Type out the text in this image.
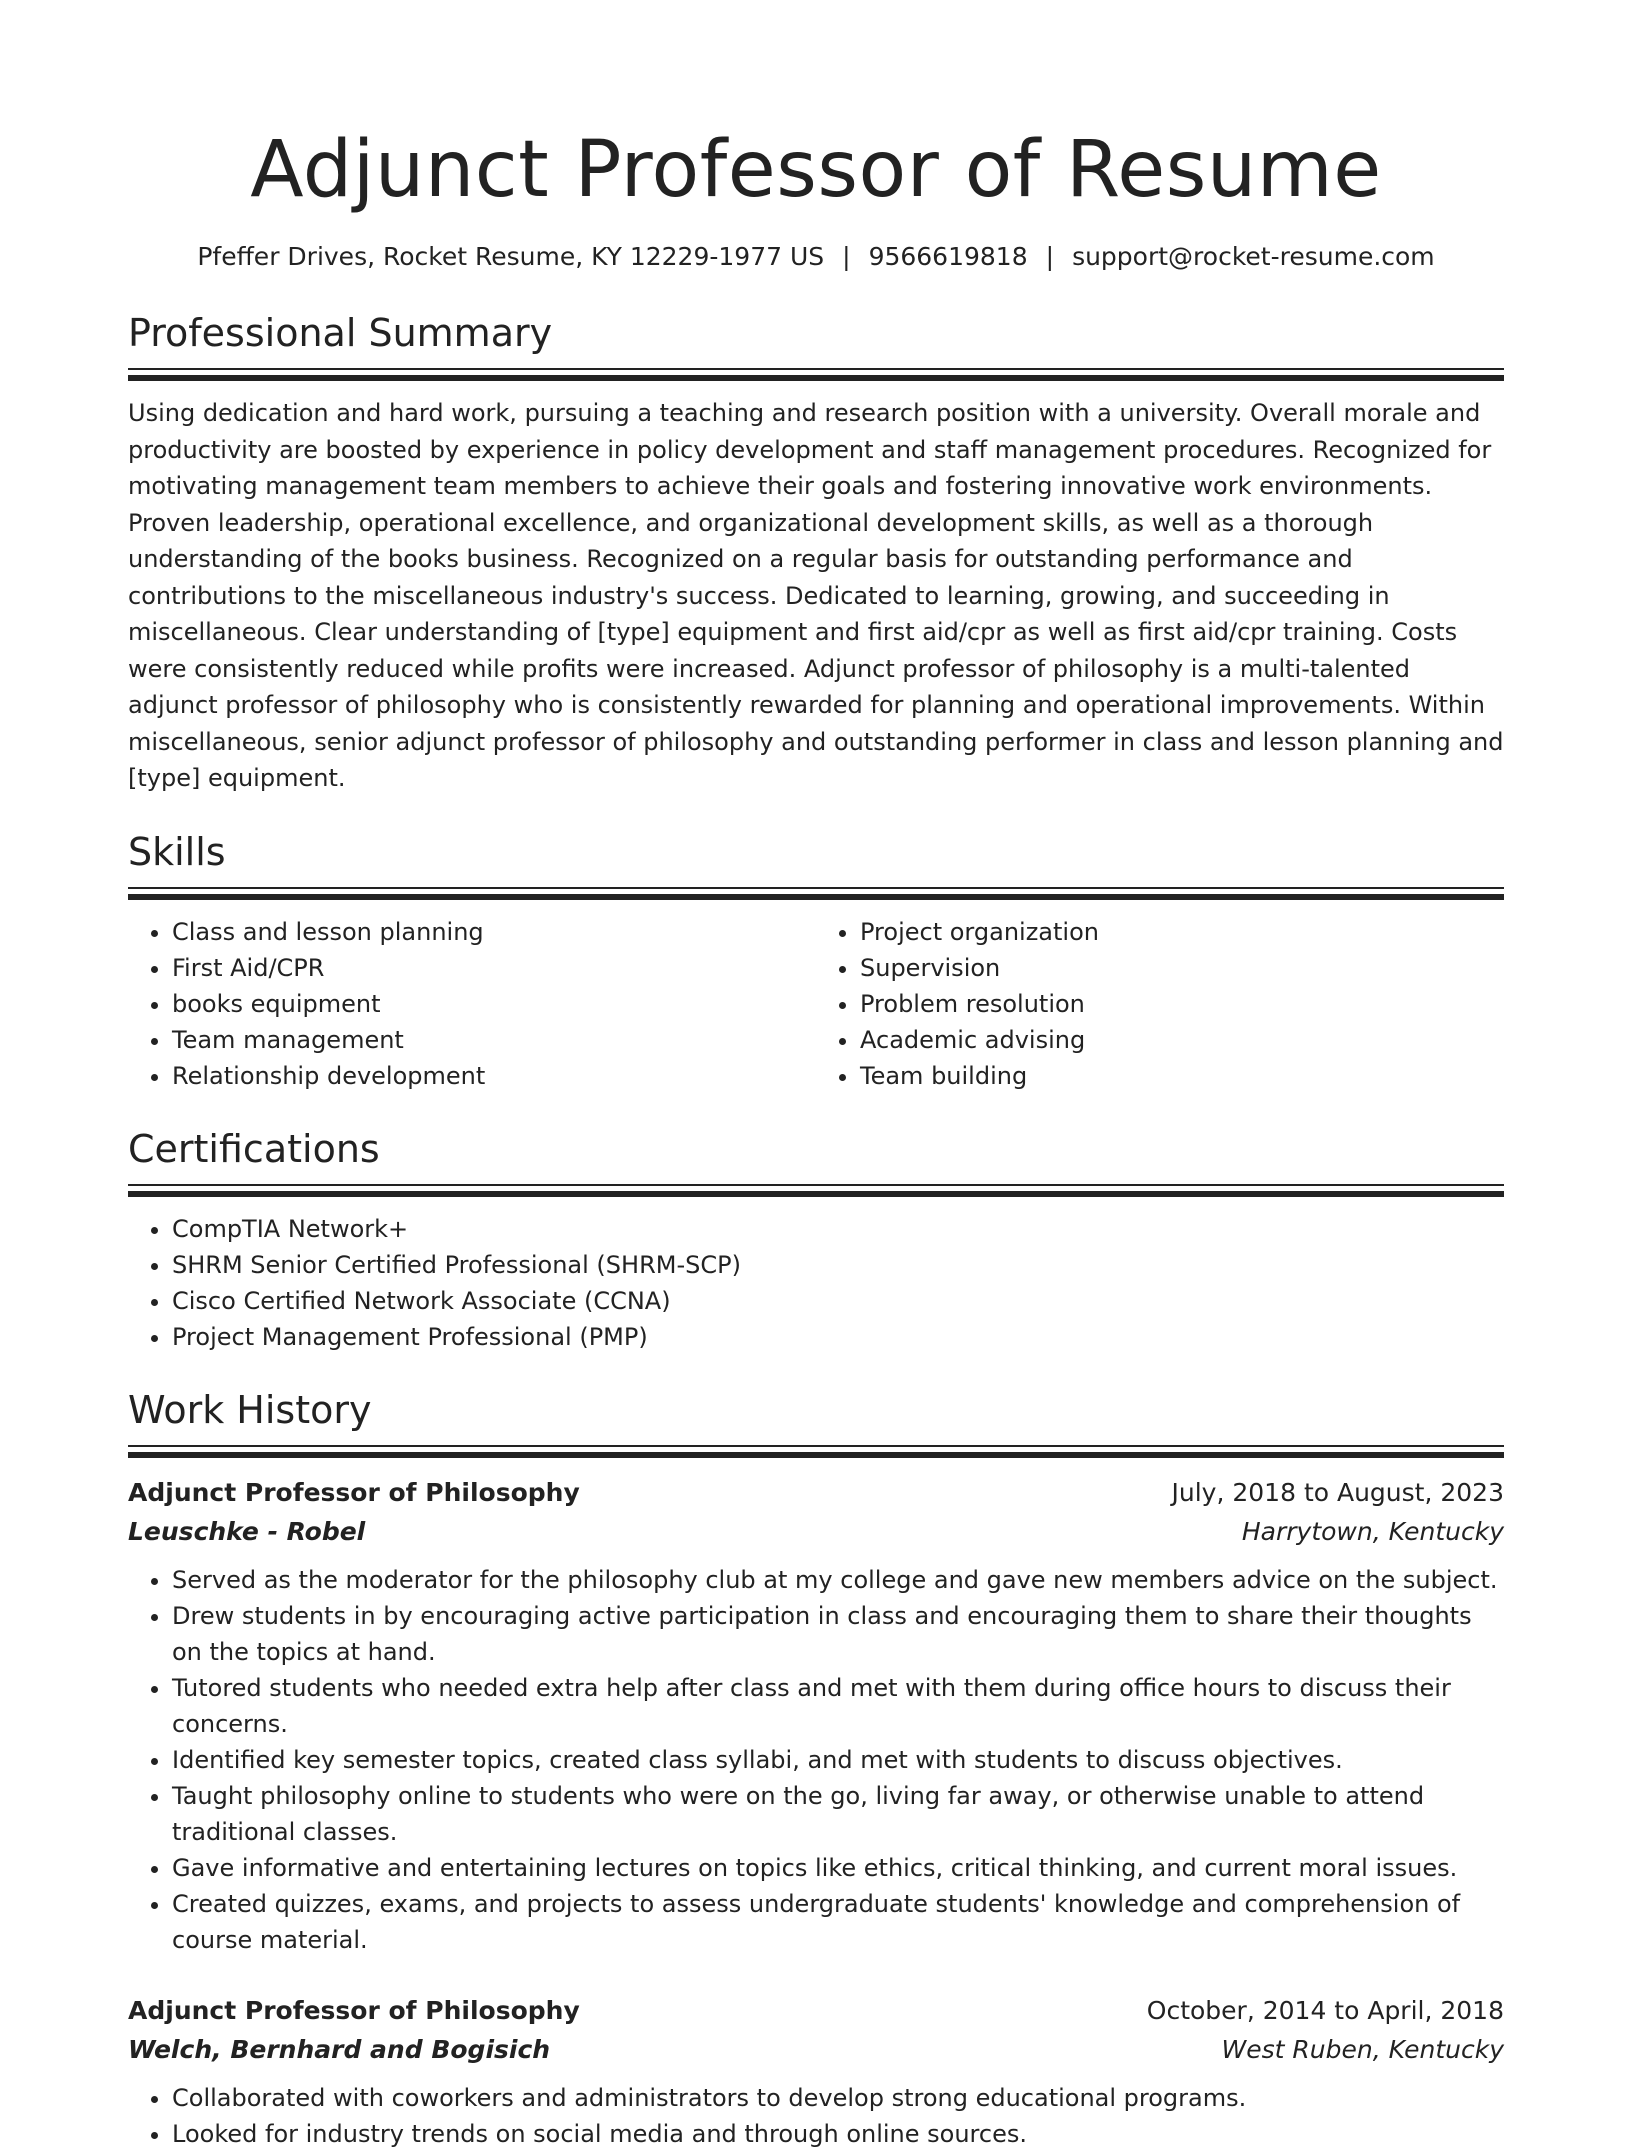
Adjunct Professor of Resume
Pfeffer Drives, Rocket Resume, KY 12229-1977 US | 9566619818 | support@rocket-resume.com
Professional Summary

Using dedication and hard work, pursuing a teaching and research position with a university. Overall morale and productivity are boosted by experience in policy development and staff management procedures. Recognized for motivating management team members to achieve their goals and fostering innovative work environments. Proven leadership, operational excellence, and organizational development skills, as well as a thorough understanding of the books business. Recognized on a regular basis for outstanding performance and contributions to the miscellaneous industry's success. Dedicated to learning, growing, and succeeding in miscellaneous. Clear understanding of [type] equipment and first aid/cpr as well as first aid/cpr training. Costs were consistently reduced while profits were increased. Adjunct professor of philosophy is a multi-talented adjunct professor of philosophy who is consistently rewarded for planning and operational improvements. Within miscellaneous, senior adjunct professor of philosophy and outstanding performer in class and lesson planning and [type] equipment.

Skills
• Class and lesson planning
• First Aid/CPR
• books equipment
• Team management
• Relationship development
• Project organization
• Supervision
• Problem resolution
• Academic advising
• Team building
Certifications
• CompTIA Network+
• SHRM Senior Certified Professional (SHRM-SCP)
• Cisco Certified Network Associate (CCNA)
• Project Management Professional (PMP)
Work History
Adjunct Professor of Philosophy	July, 2018 to August, 2023
Leuschke - Robel	Harrytown, Kentucky
• Served as the moderator for the philosophy club at my college and gave new members advice on the subject.
• Drew students in by encouraging active participation in class and encouraging them to share their thoughts on the topics at hand.
• Tutored students who needed extra help after class and met with them during office hours to discuss their concerns.
• Identified key semester topics, created class syllabi, and met with students to discuss objectives.
• Taught philosophy online to students who were on the go, living far away, or otherwise unable to attend traditional classes.
• Gave informative and entertaining lectures on topics like ethics, critical thinking, and current moral issues.
• Created quizzes, exams, and projects to assess undergraduate students' knowledge and comprehension of course material.
Adjunct Professor of Philosophy	October, 2014 to April, 2018
Welch, Bernhard and Bogisich	West Ruben, Kentucky
• Collaborated with coworkers and administrators to develop strong educational programs.
• Looked for industry trends on social media and through online sources.
